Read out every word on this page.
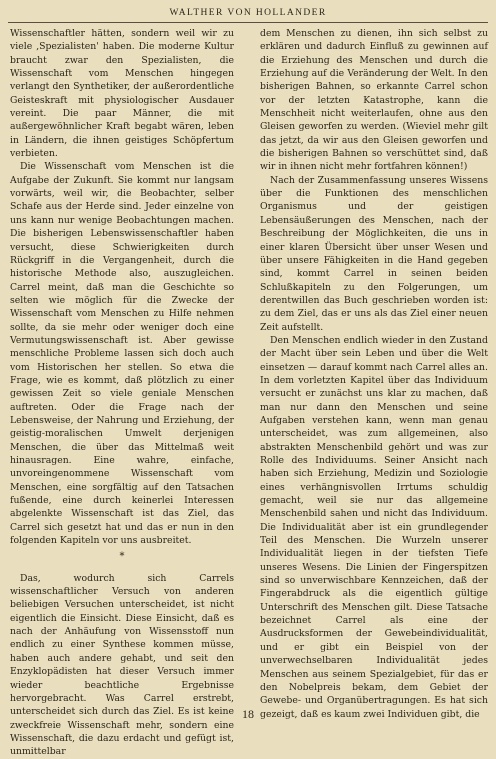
WALTHER VON HOLLANDER

Wissenschaftler hätten, sondern weil wir zu viele ‚Spezialisten' haben. Die moderne Kultur braucht zwar den Spezialisten, die Wissenschaft vom Menschen hingegen verlangt den Synthetiker, der außerordentliche Geisteskraft mit physiologischer Ausdauer vereint. Die paar Männer, die mit außergewöhnlicher Kraft begabt wären, leben in Ländern, die ihnen geistiges Schöpfertum verbieten.

Die Wissenschaft vom Menschen ist die Aufgabe der Zukunft. Sie kommt nur langsam vorwärts, weil wir, die Beobachter, selber Schafe aus der Herde sind. Jeder einzelne von uns kann nur wenige Beobachtungen machen. Die bisherigen Lebenswissenschaftler haben versucht, diese Schwierigkeiten durch Rückgriff in die Vergangenheit, durch die historische Methode also, auszugleichen. Carrel meint, daß man die Geschichte so selten wie möglich für die Zwecke der Wissenschaft vom Menschen zu Hilfe nehmen sollte, da sie mehr oder weniger doch eine Vermutungswissenschaft ist. Aber gewisse menschliche Probleme lassen sich doch auch vom Historischen her stellen. So etwa die Frage, wie es kommt, daß plötzlich zu einer gewissen Zeit so viele geniale Menschen auftreten. Oder die Frage nach der Lebensweise, der Nahrung und Erziehung, der geistig-moralischen Umwelt derjenigen Menschen, die über das Mittelmaß weit hinausragen. Eine wahre, einfache, unvoreingenommene Wissenschaft vom Menschen, eine sorgfältig auf den Tatsachen fußende, eine durch keinerlei Interessen abgelenkte Wissenschaft ist das Ziel, das Carrel sich gesetzt hat und das er nun in den folgenden Kapiteln vor uns ausbreitet.

*

Das, wodurch sich Carrels wissenschaftlicher Versuch von anderen beliebigen Versuchen unterscheidet, ist nicht eigentlich die Einsicht. Diese Einsicht, daß es nach der Anhäufung von Wissensstoff nun endlich zu einer Synthese kommen müsse, haben auch andere gehabt, und seit den Enzyklopädisten hat dieser Versuch immer wieder beachtliche Ergebnisse hervorgebracht. Was Carrel erstrebt, unterscheidet sich durch das Ziel. Es ist keine zweckfreie Wissenschaft mehr, sondern eine Wissenschaft, die dazu erdacht und gefügt ist, unmittelbar

dem Menschen zu dienen, ihn sich selbst zu erklären und dadurch Einfluß zu gewinnen auf die Erziehung des Menschen und durch die Erziehung auf die Veränderung der Welt. In den bisherigen Bahnen, so erkannte Carrel schon vor der letzten Katastrophe, kann die Menschheit nicht weiterlaufen, ohne aus den Gleisen geworfen zu werden. (Wieviel mehr gilt das jetzt, da wir aus den Gleisen geworfen und die bisherigen Bahnen so verschüttet sind, daß wir in ihnen nicht mehr fortfahren können!)

Nach der Zusammenfassung unseres Wissens über die Funktionen des menschlichen Organismus und der geistigen Lebensäußerungen des Menschen, nach der Beschreibung der Möglichkeiten, die uns in einer klaren Übersicht über unser Wesen und über unsere Fähigkeiten in die Hand gegeben sind, kommt Carrel in seinen beiden Schlußkapiteln zu den Folgerungen, um derentwillen das Buch geschrieben worden ist: zu dem Ziel, das er uns als das Ziel einer neuen Zeit aufstellt.

Den Menschen endlich wieder in den Zustand der Macht über sein Leben und über die Welt einsetzen — darauf kommt nach Carrel alles an. In dem vorletzten Kapitel über das Individuum versucht er zunächst uns klar zu machen, daß man nur dann den Menschen und seine Aufgaben verstehen kann, wenn man genau unterscheidet, was zum allgemeinen, also abstrakten Menschenbild gehört und was zur Rolle des Individuums. Seiner Ansicht nach haben sich Erziehung, Medizin und Soziologie eines verhängnisvollen Irrtums schuldig gemacht, weil sie nur das allgemeine Menschenbild sahen und nicht das Individuum. Die Individualität aber ist ein grundlegender Teil des Menschen. Die Wurzeln unserer Individualität liegen in der tiefsten Tiefe unseres Wesens. Die Linien der Fingerspitzen sind so unverwischbare Kennzeichen, daß der Fingerabdruck als die eigentlich gültige Unterschrift des Menschen gilt. Diese Tatsache bezeichnet Carrel als eine der Ausdrucksformen der Gewebeindividualität, und er gibt ein Beispiel von der unverwechselbaren Individualität jedes Menschen aus seinem Spezialgebiet, für das er den Nobelpreis bekam, dem Gebiet der Gewebe- und Organübertragungen. Es hat sich gezeigt, daß es kaum zwei Individuen gibt, die

18
